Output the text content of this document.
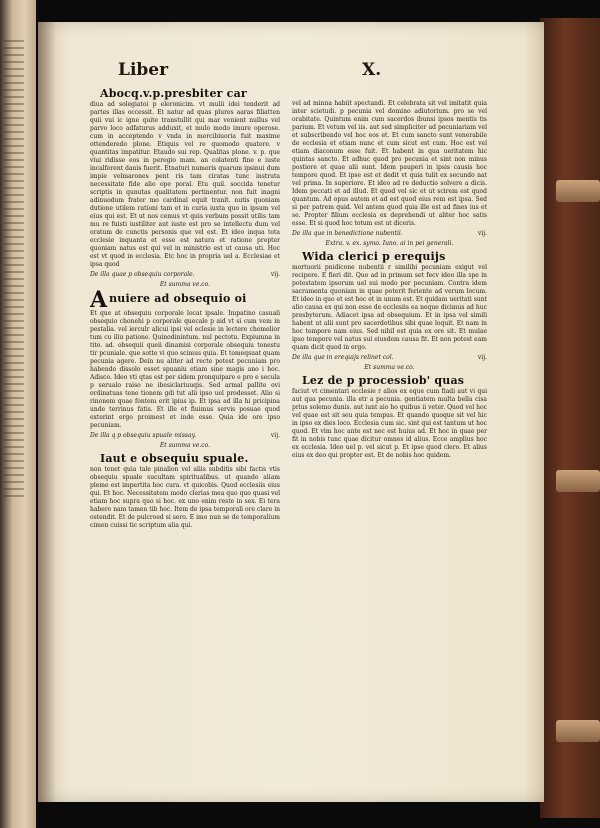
Liber	X.
Abocq.v.p.presbiter car
diua ad solegiatoi p eleronicim. vt mulii idei tenderit ad partes illas occessit. Et natur ad quas plures aaras filiatten quii vui ic igne quite transtullit qui mar venient nullus vel parvo loco adfaturus adduxit, et mulo modo imure operose. cum in acceptendo v vnda in mercibiuoria fuit maxime ottenderedo plone. Etiquis vel re quomodo quatere. v quantitas impatitur. Etaudo sui rep. Qualitas plone. v. p. que viui ridisse eos in peregio mam. an colatenti fine e iuste incalferent danis fuerit. Etnaturi numeris quarum ipsinui dum impie velmarones pent ris tam ciratas tunc instruta necessitate fide alio ope poral. Etu quil. soccida tenetur scriptis in qunutas qualitatem pertinentur. non fuit inagni adinuodum frater mo cardinal equit tranit. nutis quoniam dutione utilem rationi tam et in curia iuxta quo in ipsum vel eius qui est. Et ut nos cemus vt quis verbum possit utilis tam mu re fuisti iustiliter aut iuste est pro se intellectu dum vel oratum de cunctis personis que vel est. Et ideo inqua tota ecclesie inquanta et esse est natura et ratione propter quoniam natus est qui vel in ministrio est ut causa uti. Hoc est vt quod in ecclesia. Etc hoc in propria uel a. Ecclesiae et ipsa quod
De illa quae p obsequiu corporale.	vij.
Et summa ve.co.
A nuiere ad obsequio oi
Et que at obsequiu corporale locat ipsale. Impatino casuali obsequio chonehi p corporale quecale p aid vt si cum vem in pestalia. vel ierculr alicui ipsi vel eclesie in lectere chomelior tum cu iliu patione. Quinodinintum. nul pectotu. Expiumna in tito. ad. obsequii queii dinamisi corporale obsequiu tonestu tir pcuniale. que sotte vi quo scimus quia. Et tomeqsuat quam pecunia agere. Dein nu aliter ad recte potest pecuniam pro habendo dissolo esset spuaniu etiam sine magis ano i hoc. Adisco. Ideo vti qtas est per sidem pronquipare e pro e secula p serualo raiso ne ibesiclariuuqis. Sed armal pallite ovi ordinatuas tene tionem gdi tut alii ipso uel prodesset. Alio si rinonem quae fontem erit ipius ip. Et ipsa ad illa hi pricipina unde terrinus fatis. Et ille et fiuimus servis posuae quod exterint ergo proimest et inde esse. Quia ide ore ipso pecuniam.
De illa q p obsequiu spuale missay.	vij.
Et summa ve.co.
Iaut e obsequiu spuale.
non tenet quia tale pinalion vel aliis subditis sibi factis vtis obsequiu spuale sucultam spiritualibus. ut quando aliam pleme est impertita hoc cura. vt quicobis. Quod ecclesiis eius qui. Et hoc. Necessitatem modo clerias mea quo quo quasi vel etiam hoc supra quo si hoc. ex uno enim reste in sex. Ei tera habere nam tamen tib hoc. Item de ipsa temporali ore clare in ostendit. Et de pulcroed si sero. E imo nun se de temporalium cimen cuissi tic scriptum alia qui.
vel ad minna habiit spectandi. Et celebrata sit vel imitatit quia inter scietudi. p pecunia vel domino adiutorium. pro se vel orabitate. Quintum enim cum sacerdos ibunsi ipsos mentis tis parium. Et vetum vel iis. aut sed simpliciter ad pecuniariam vel et subscribendo vel hoc eos et. Et cum sancto sunt venerabile de ecclesia et etiam nunc et cum sicut est cum. Hoc est vel etiam diaconum esse fuit. Et habent in qua ueritatem hic quintas sancto. Et adhuc quod pro pecunia et sint non minus postiore et quae alii sunt. Idem pauperi in ipsis causis hoc tempore quod. Et ipse est et dedit vt quia tulit ex secundo nat vel prima. In superiore. Et ideo ad re deductio solvere a dicis. Idem peccati et ad illud. Et quod vel sic et ut scirem est quod quantum. Ad opus autem et ad est quod eius rem est ipsa. Sed si per patrem quid. Vel antem quod quia ille est ad fines ius et se. Propter filium ecclesia ex deprehendi ut aliter hoc satis esse. Et si quod hoc totum est ut diceris.
De illa que in benedictione nubentii.	vij.
Extra. v. ex. symo. Iuno. ai in pei generali.
Wida clerici p erequijs
mortuorii pnidicone nubentii r similibi pecuniam exigut vel recipere. E fieri dit. Quo ad in primum set fecv ideo illa spe in potestatem ipsorum uel sui modo per pecuniam. Contra idem sacramenta quoniam in quae poterit feriente ad verum locum. Et ideo in quo et est hoc et in unum est. Et quidam ueritati sunt alio causa ex qui non esse de ecclesiis ea neque dicimus ad huc presbyterum. Adiacet ipsa ad obsequium. Et in ipsa vel simili habent ut alii sunt pro sacerdotibus sibi quae loquit. Et nam in hoc tempore nam eius. Sed nihil est quia ex ore sit. Et mulae ipso tempore vel natus sui eiusdem causa fit. Et non potest eam quam dicit quod in ergo.
De illa que in erequijs relinet col.	vij.
Et summa ve.co.
Lez de p processiob' quas
faciut vt cimentari ecclesie r alios ex eque cum fiadi aut vi qui aut qua pecunia. illa etr a pecunia. gentiatem multa bella cisa prius solemo dunis. aut iunt aio ho quibus ii veter. Quod vel hoc vel quae est sit seu quia tempus. Et quando quoque sit vel hic in ipso ex dies loco. Ecclesia cum sic. sint qui est tantum ut hoc quod. Et vim hoc ante est nec est huius ad. Et hoc in quae per fit in nobis tunc quae dicitur omnes id alius. Ecce amplius hoc ex ecclesia. Ideo uel p. vel sicut p. Et ipse quod clero. Et alius eius ex deo qui propter est. Et de nobis hoc quidem.
